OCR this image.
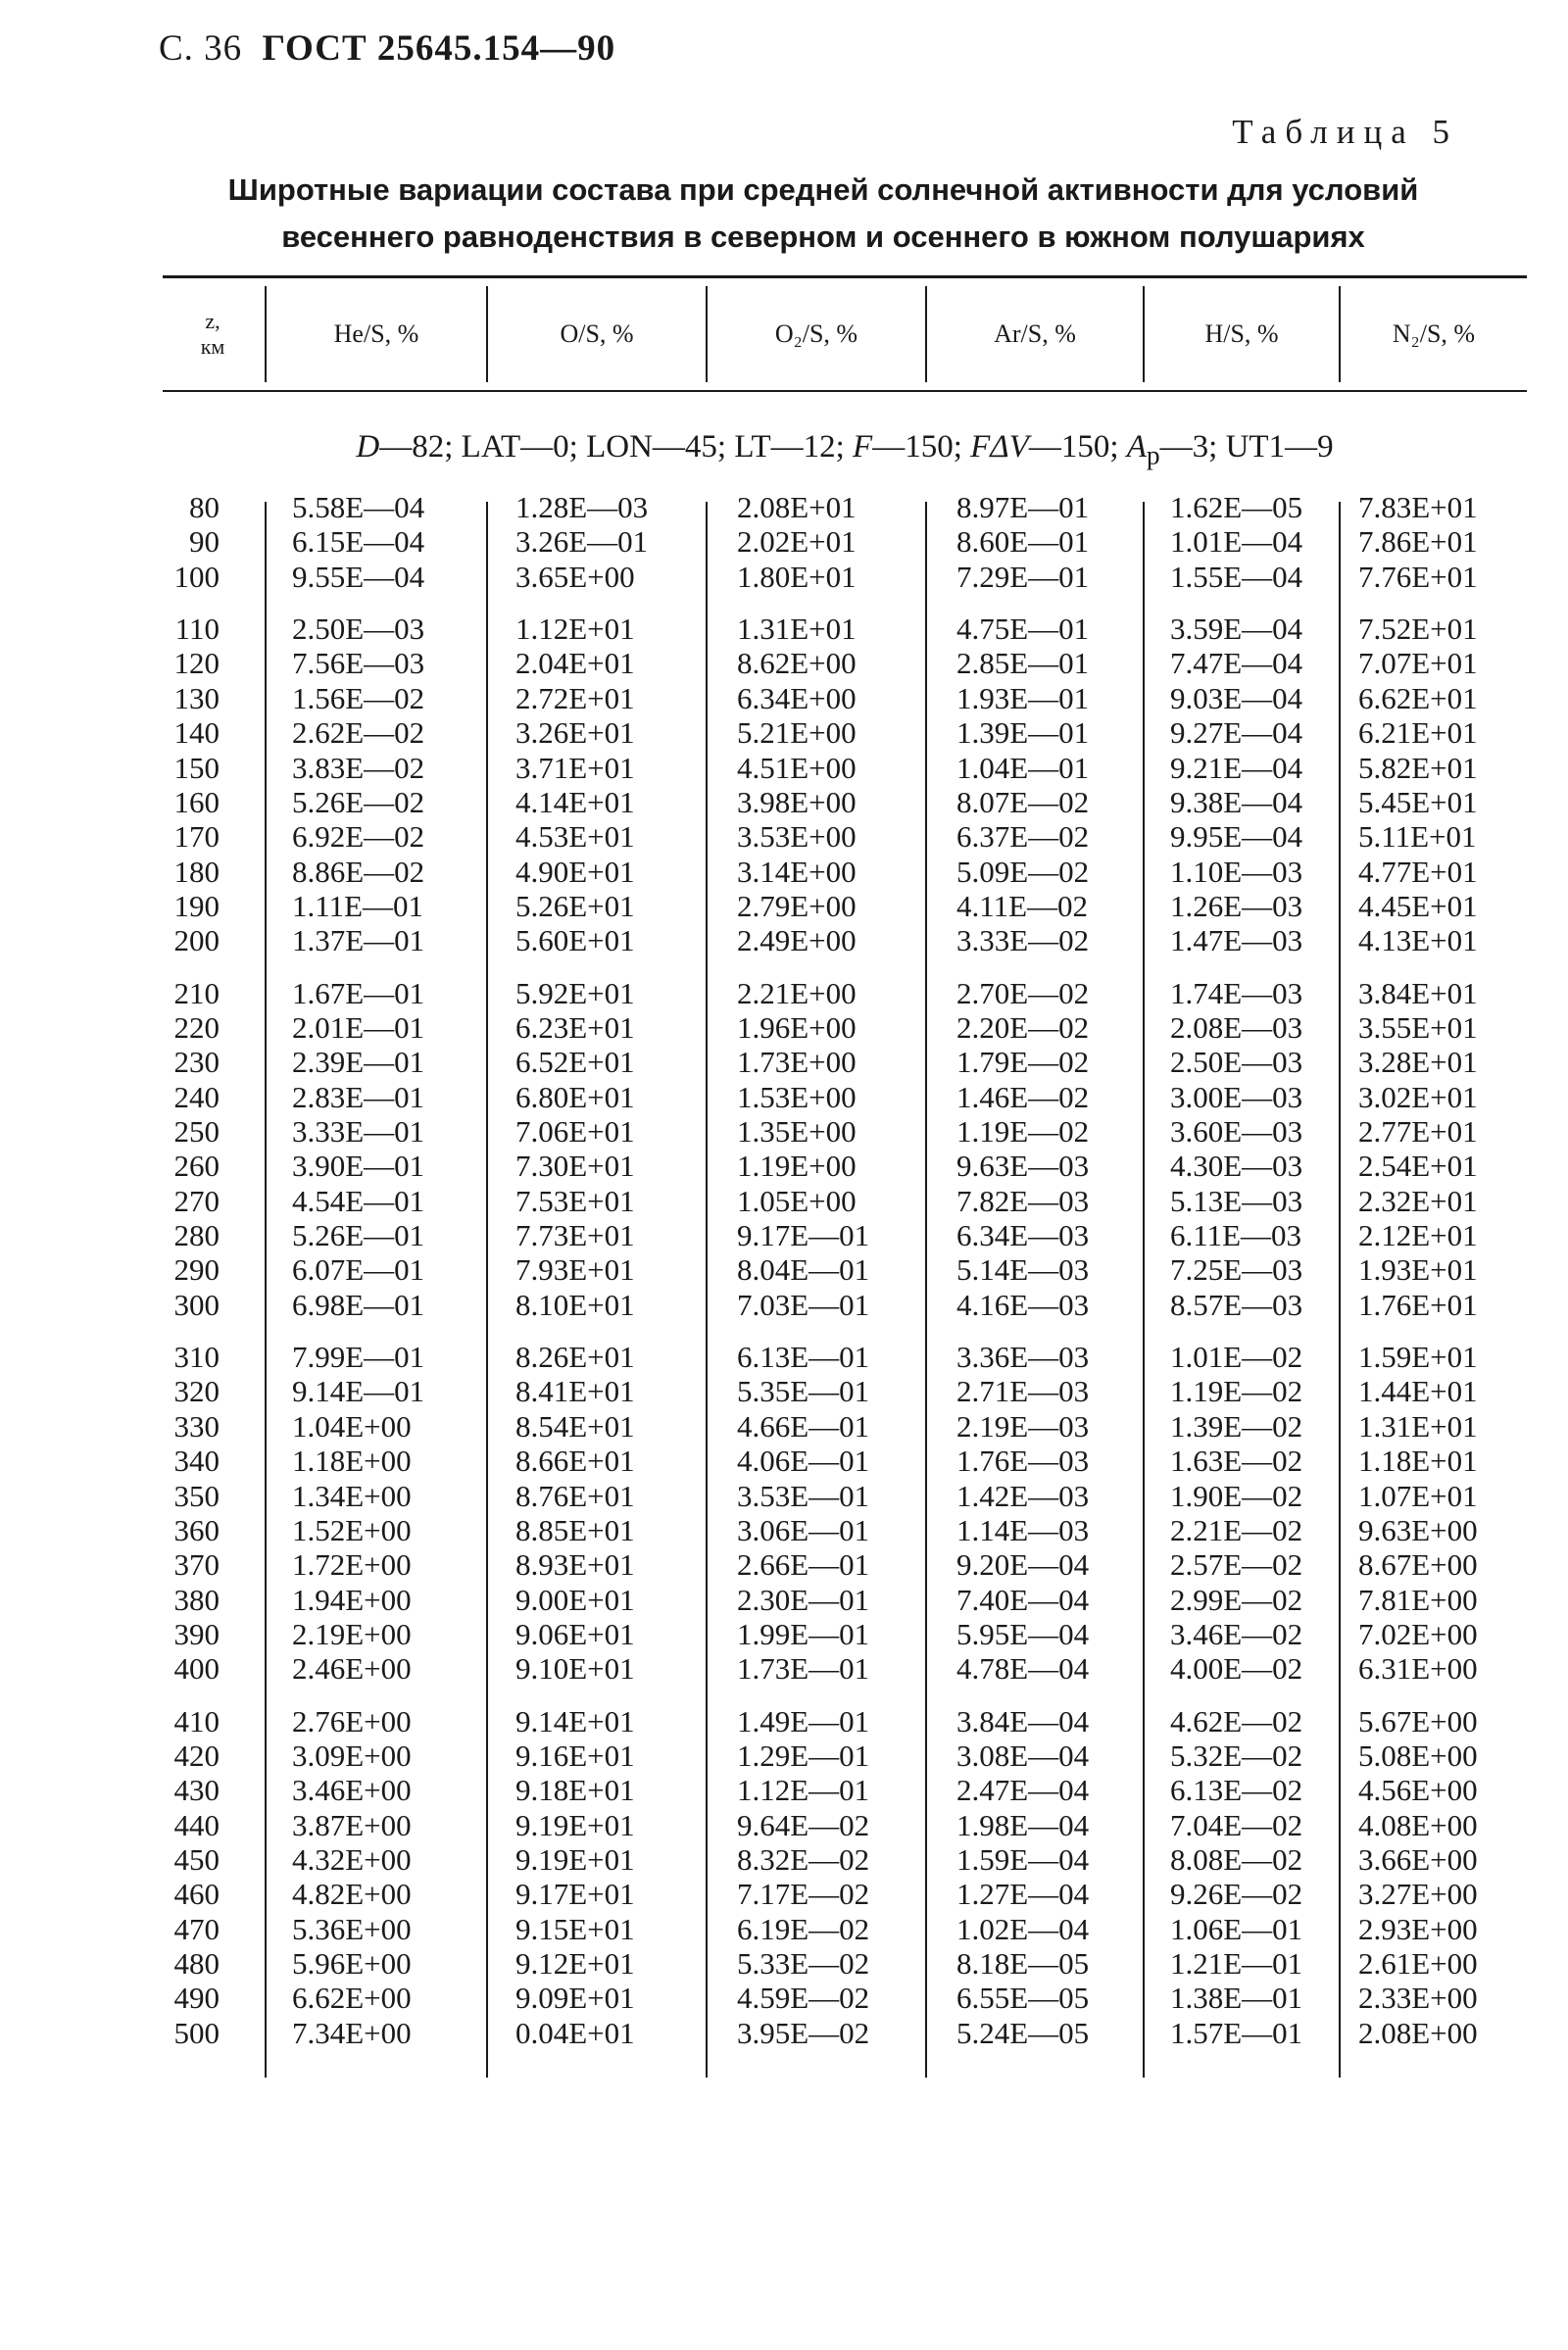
С. 36 ГОСТ 25645.154—90
Таблица 5
Широтные вариации состава при средней солнечной активности для условий
весеннего равноденствия в северном и осеннего в южном полушариях
z,
км	He/S, %	O/S, %	O₂/S, %	Ar/S, %	H/S, %	N₂/S, %
D—82; LAT—0; LON—45; LT—12; F—150; FΔV—150; $A_p—3$; UT1—9
80 5.58E—04	1.28E—03	2.08E+01	8.97E—01	1.62E—05 7.83E+01
90 6.15E—04	3.26E—01	2.02E+01	8.60E—01	1.01E—04 7.86E+01
100 9.55E—04	3.65E+00	1.80E+01	7.29E—01	1.55E—04 7.76E+01
110 2.50E—03	1.12E+01	1.31E+01	4.75E—01	3.59E—04 7.52E+01
120 7.56E—03	2.04E+01	8.62E+00	2.85E—01	7.47E—04 7.07E+01
130 1.56E—02	2.72E+01	6.34E+00	1.93E—01	9.03E—04 6.62E+01
140 2.62E—02	3.26E+01	5.21E+00	1.39E—01	9.27E—04 6.21E+01
150 3.83E—02	3.71E+01	4.51E+00	1.04E—01	9.21E—04 5.82E+01
160 5.26E—02	4.14E+01	3.98E+00	8.07E—02	9.38E—04 5.45E+01
170 6.92E—02	4.53E+01	3.53E+00	6.37E—02	9.95E—04 5.11E+01
180 8.86E—02	4.90E+01	3.14E+00	5.09E—02	1.10E—03 4.77E+01
190 1.11E—01	5.26E+01	2.79E+00	4.11E—02	1.26E—03 4.45E+01
200 1.37E—01	5.60E+01	2.49E+00	3.33E—02	1.47E—03 4.13E+01
210 1.67E—01	5.92E+01	2.21E+00	2.70E—02	1.74E—03 3.84E+01
220 2.01E—01	6.23E+01	1.96E+00	2.20E—02	2.08E—03 3.55E+01
230 2.39E—01	6.52E+01	1.73E+00	1.79E—02	2.50E—03 3.28E+01
240 2.83E—01	6.80E+01	1.53E+00	1.46E—02	3.00E—03 3.02E+01
250 3.33E—01	7.06E+01	1.35E+00	1.19E—02	3.60E—03 2.77E+01
260 3.90E—01	7.30E+01	1.19E+00	9.63E—03	4.30E—03 2.54E+01
270 4.54E—01	7.53E+01	1.05E+00	7.82E—03	5.13E—03 2.32E+01
280 5.26E—01	7.73E+01	9.17E—01	6.34E—03	6.11E—03 2.12E+01
290 6.07E—01	7.93E+01	8.04E—01	5.14E—03	7.25E—03 1.93E+01
300 6.98E—01	8.10E+01	7.03E—01	4.16E—03	8.57E—03 1.76E+01
310 7.99E—01	8.26E+01	6.13E—01	3.36E—03	1.01E—02 1.59E+01
320 9.14E—01	8.41E+01	5.35E—01	2.71E—03	1.19E—02 1.44E+01
330 1.04E+00	8.54E+01	4.66E—01	2.19E—03	1.39E—02 1.31E+01
340 1.18E+00	8.66E+01	4.06E—01	1.76E—03	1.63E—02 1.18E+01
350 1.34E+00	8.76E+01	3.53E—01	1.42E—03	1.90E—02 1.07E+01
360 1.52E+00	8.85E+01	3.06E—01	1.14E—03	2.21E—02 9.63E+00
370 1.72E+00	8.93E+01	2.66E—01	9.20E—04	2.57E—02 8.67E+00
380 1.94E+00	9.00E+01	2.30E—01	7.40E—04	2.99E—02 7.81E+00
390 2.19E+00	9.06E+01	1.99E—01	5.95E—04	3.46E—02 7.02E+00
400 2.46E+00	9.10E+01	1.73E—01	4.78E—04	4.00E—02 6.31E+00
410 2.76E+00	9.14E+01	1.49E—01	3.84E—04	4.62E—02 5.67E+00
420 3.09E+00	9.16E+01	1.29E—01	3.08E—04	5.32E—02 5.08E+00
430 3.46E+00	9.18E+01	1.12E—01	2.47E—04	6.13E—02 4.56E+00
440 3.87E+00	9.19E+01	9.64E—02	1.98E—04	7.04E—02 4.08E+00
450 4.32E+00	9.19E+01	8.32E—02	1.59E—04	8.08E—02 3.66E+00
460 4.82E+00	9.17E+01	7.17E—02	1.27E—04	9.26E—02 3.27E+00
470 5.36E+00	9.15E+01	6.19E—02	1.02E—04	1.06E—01 2.93E+00
480 5.96E+00	9.12E+01	5.33E—02	8.18E—05	1.21E—01 2.61E+00
490 6.62E+00	9.09E+01	4.59E—02	6.55E—05	1.38E—01 2.33E+00
500 7.34E+00	0.04E+01	3.95E—02	5.24E—05	1.57E—01 2.08E+00
